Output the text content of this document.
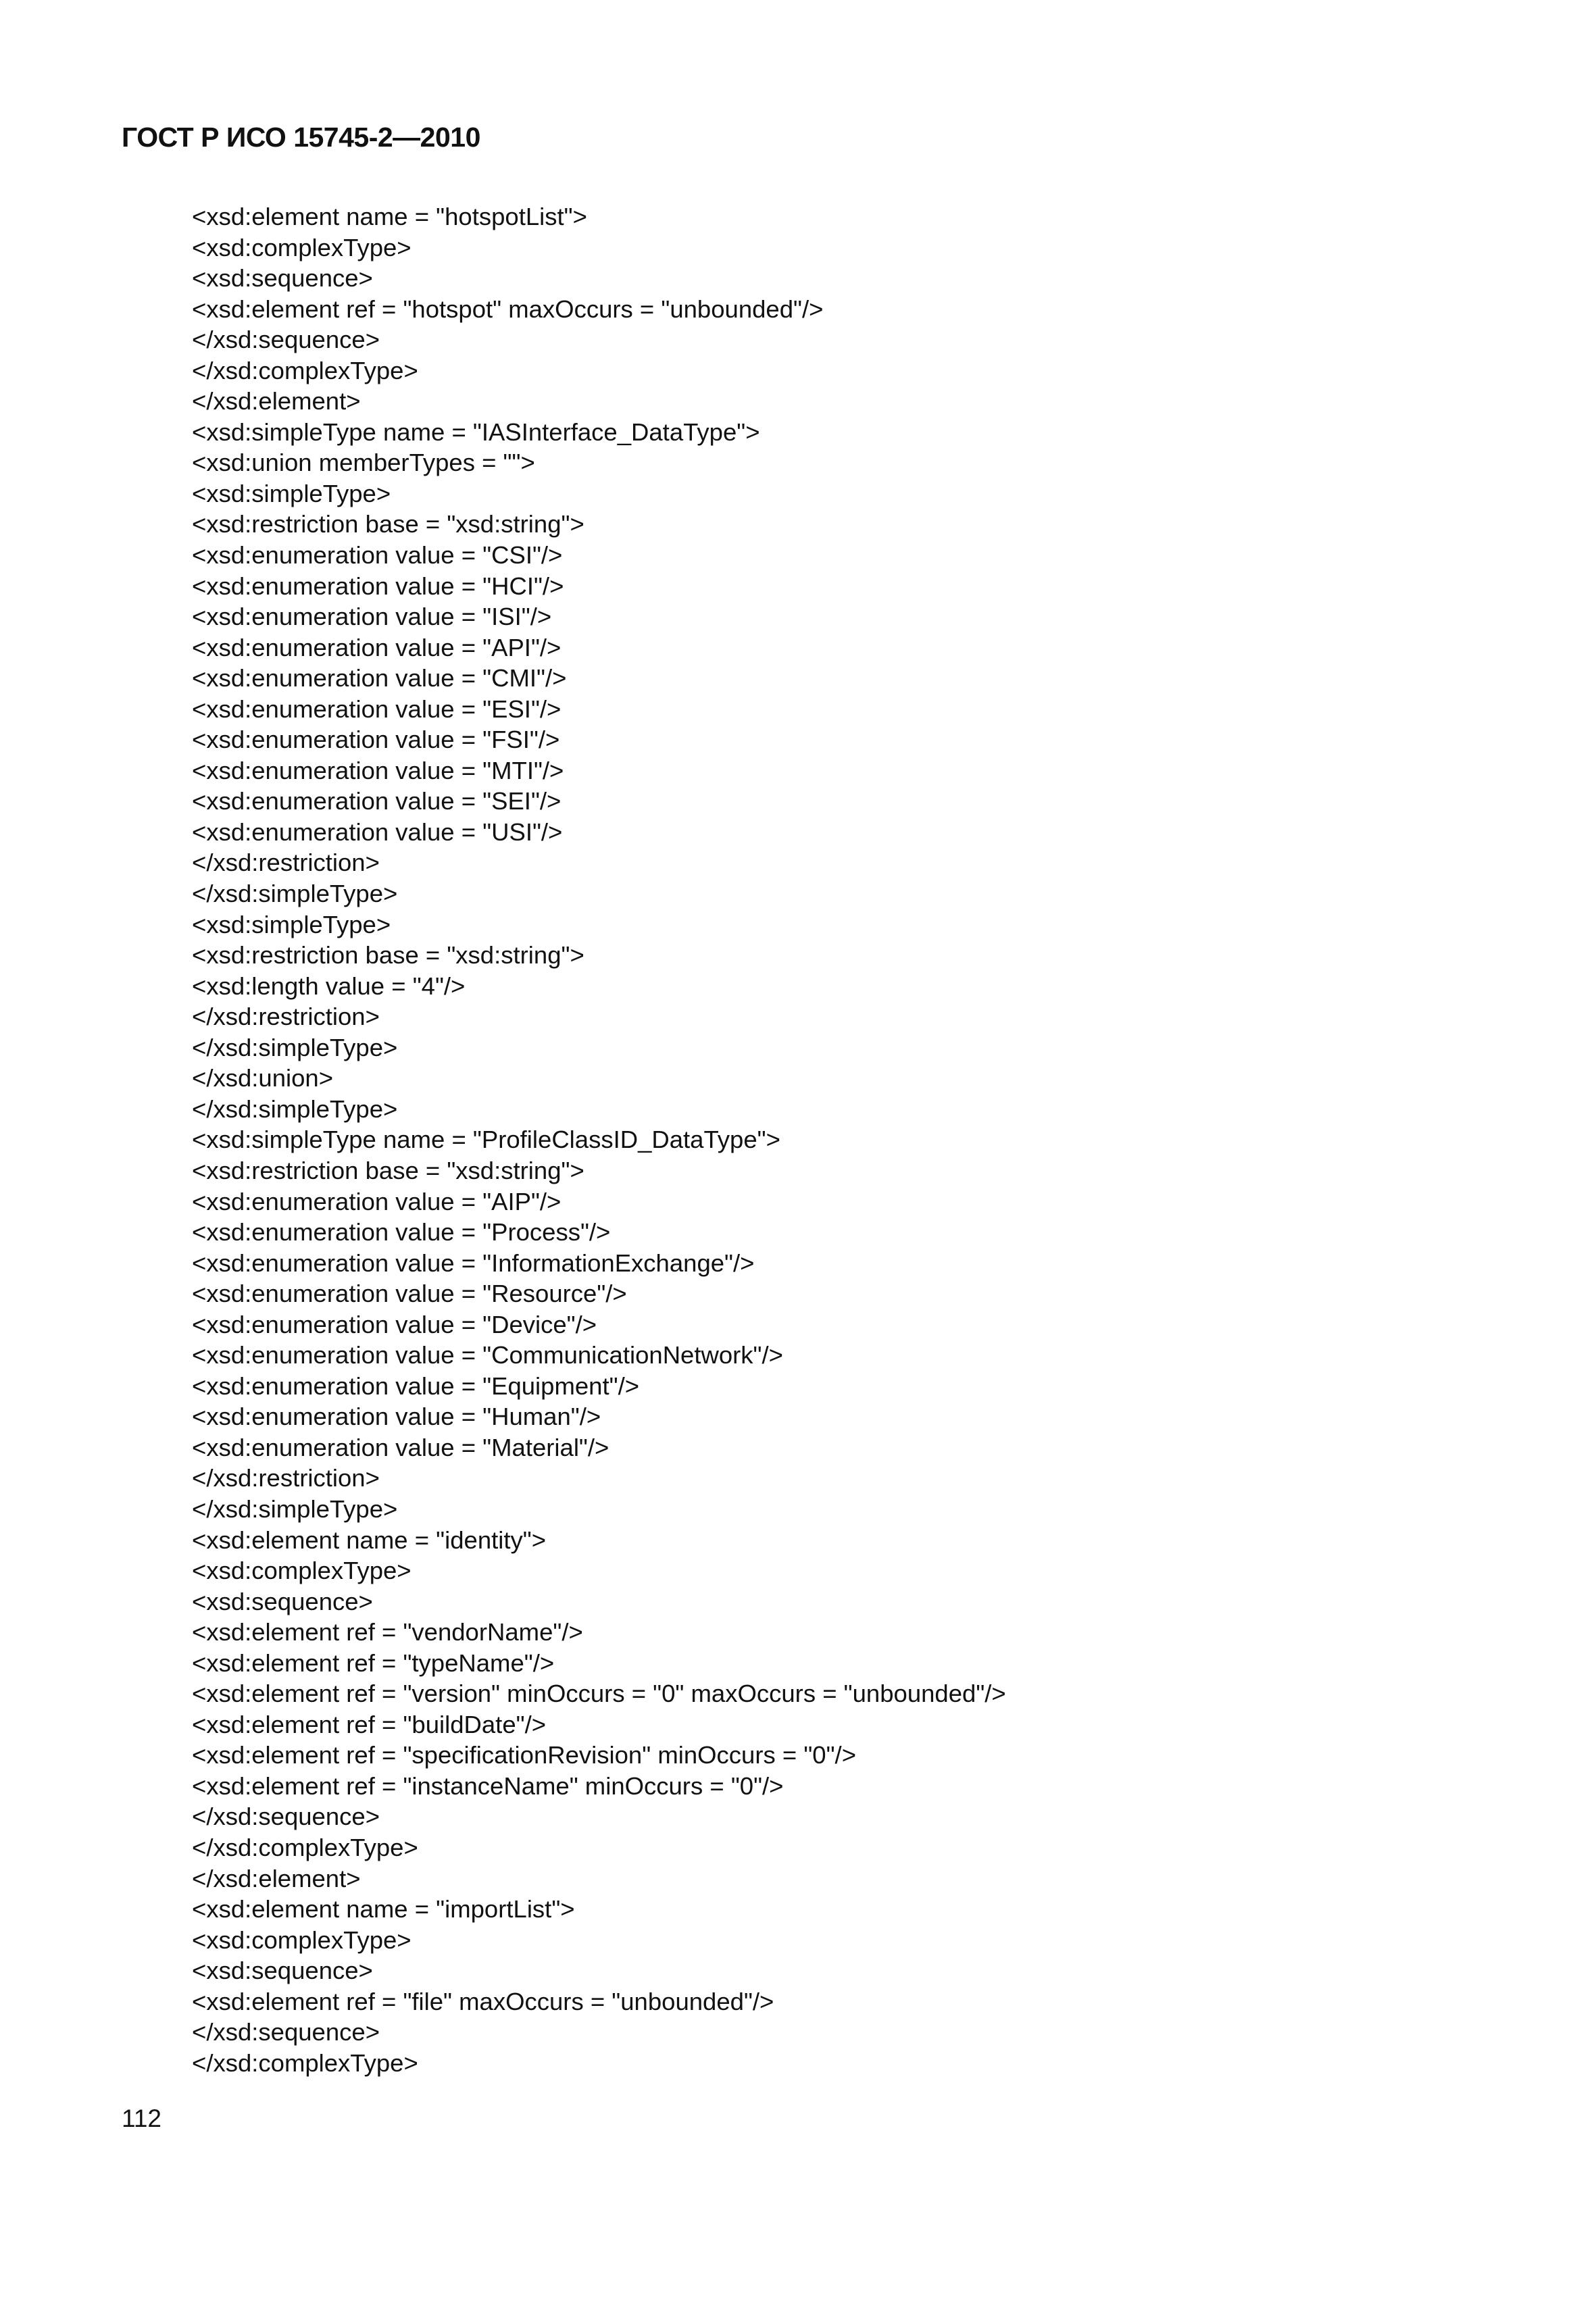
ГОСТ Р ИСО 15745-2—2010
<xsd:element name = "hotspotList">
<xsd:complexType>
<xsd:sequence>
<xsd:element ref = "hotspot" maxOccurs = "unbounded"/>
</xsd:sequence>
</xsd:complexType>
</xsd:element>
<xsd:simpleType name = "IASInterface_DataType">
<xsd:union memberTypes = "">
<xsd:simpleType>
<xsd:restriction base = "xsd:string">
<xsd:enumeration value = "CSI"/>
<xsd:enumeration value = "HCI"/>
<xsd:enumeration value = "ISI"/>
<xsd:enumeration value = "API"/>
<xsd:enumeration value = "CMI"/>
<xsd:enumeration value = "ESI"/>
<xsd:enumeration value = "FSI"/>
<xsd:enumeration value = "MTI"/>
<xsd:enumeration value = "SEI"/>
<xsd:enumeration value = "USI"/>
</xsd:restriction>
</xsd:simpleType>
<xsd:simpleType>
<xsd:restriction base = "xsd:string">
<xsd:length value = "4"/>
</xsd:restriction>
</xsd:simpleType>
</xsd:union>
</xsd:simpleType>
<xsd:simpleType name = "ProfileClassID_DataType">
<xsd:restriction base = "xsd:string">
<xsd:enumeration value = "AIP"/>
<xsd:enumeration value = "Process"/>
<xsd:enumeration value = "InformationExchange"/>
<xsd:enumeration value = "Resource"/>
<xsd:enumeration value = "Device"/>
<xsd:enumeration value = "CommunicationNetwork"/>
<xsd:enumeration value = "Equipment"/>
<xsd:enumeration value = "Human"/>
<xsd:enumeration value = "Material"/>
</xsd:restriction>
</xsd:simpleType>
<xsd:element name = "identity">
<xsd:complexType>
<xsd:sequence>
<xsd:element ref = "vendorName"/>
<xsd:element ref = "typeName"/>
<xsd:element ref = "version" minOccurs = "0" maxOccurs = "unbounded"/>
<xsd:element ref = "buildDate"/>
<xsd:element ref = "specificationRevision" minOccurs = "0"/>
<xsd:element ref = "instanceName" minOccurs = "0"/>
</xsd:sequence>
</xsd:complexType>
</xsd:element>
<xsd:element name = "importList">
<xsd:complexType>
<xsd:sequence>
<xsd:element ref = "file" maxOccurs = "unbounded"/>
</xsd:sequence>
</xsd:complexType>
112
